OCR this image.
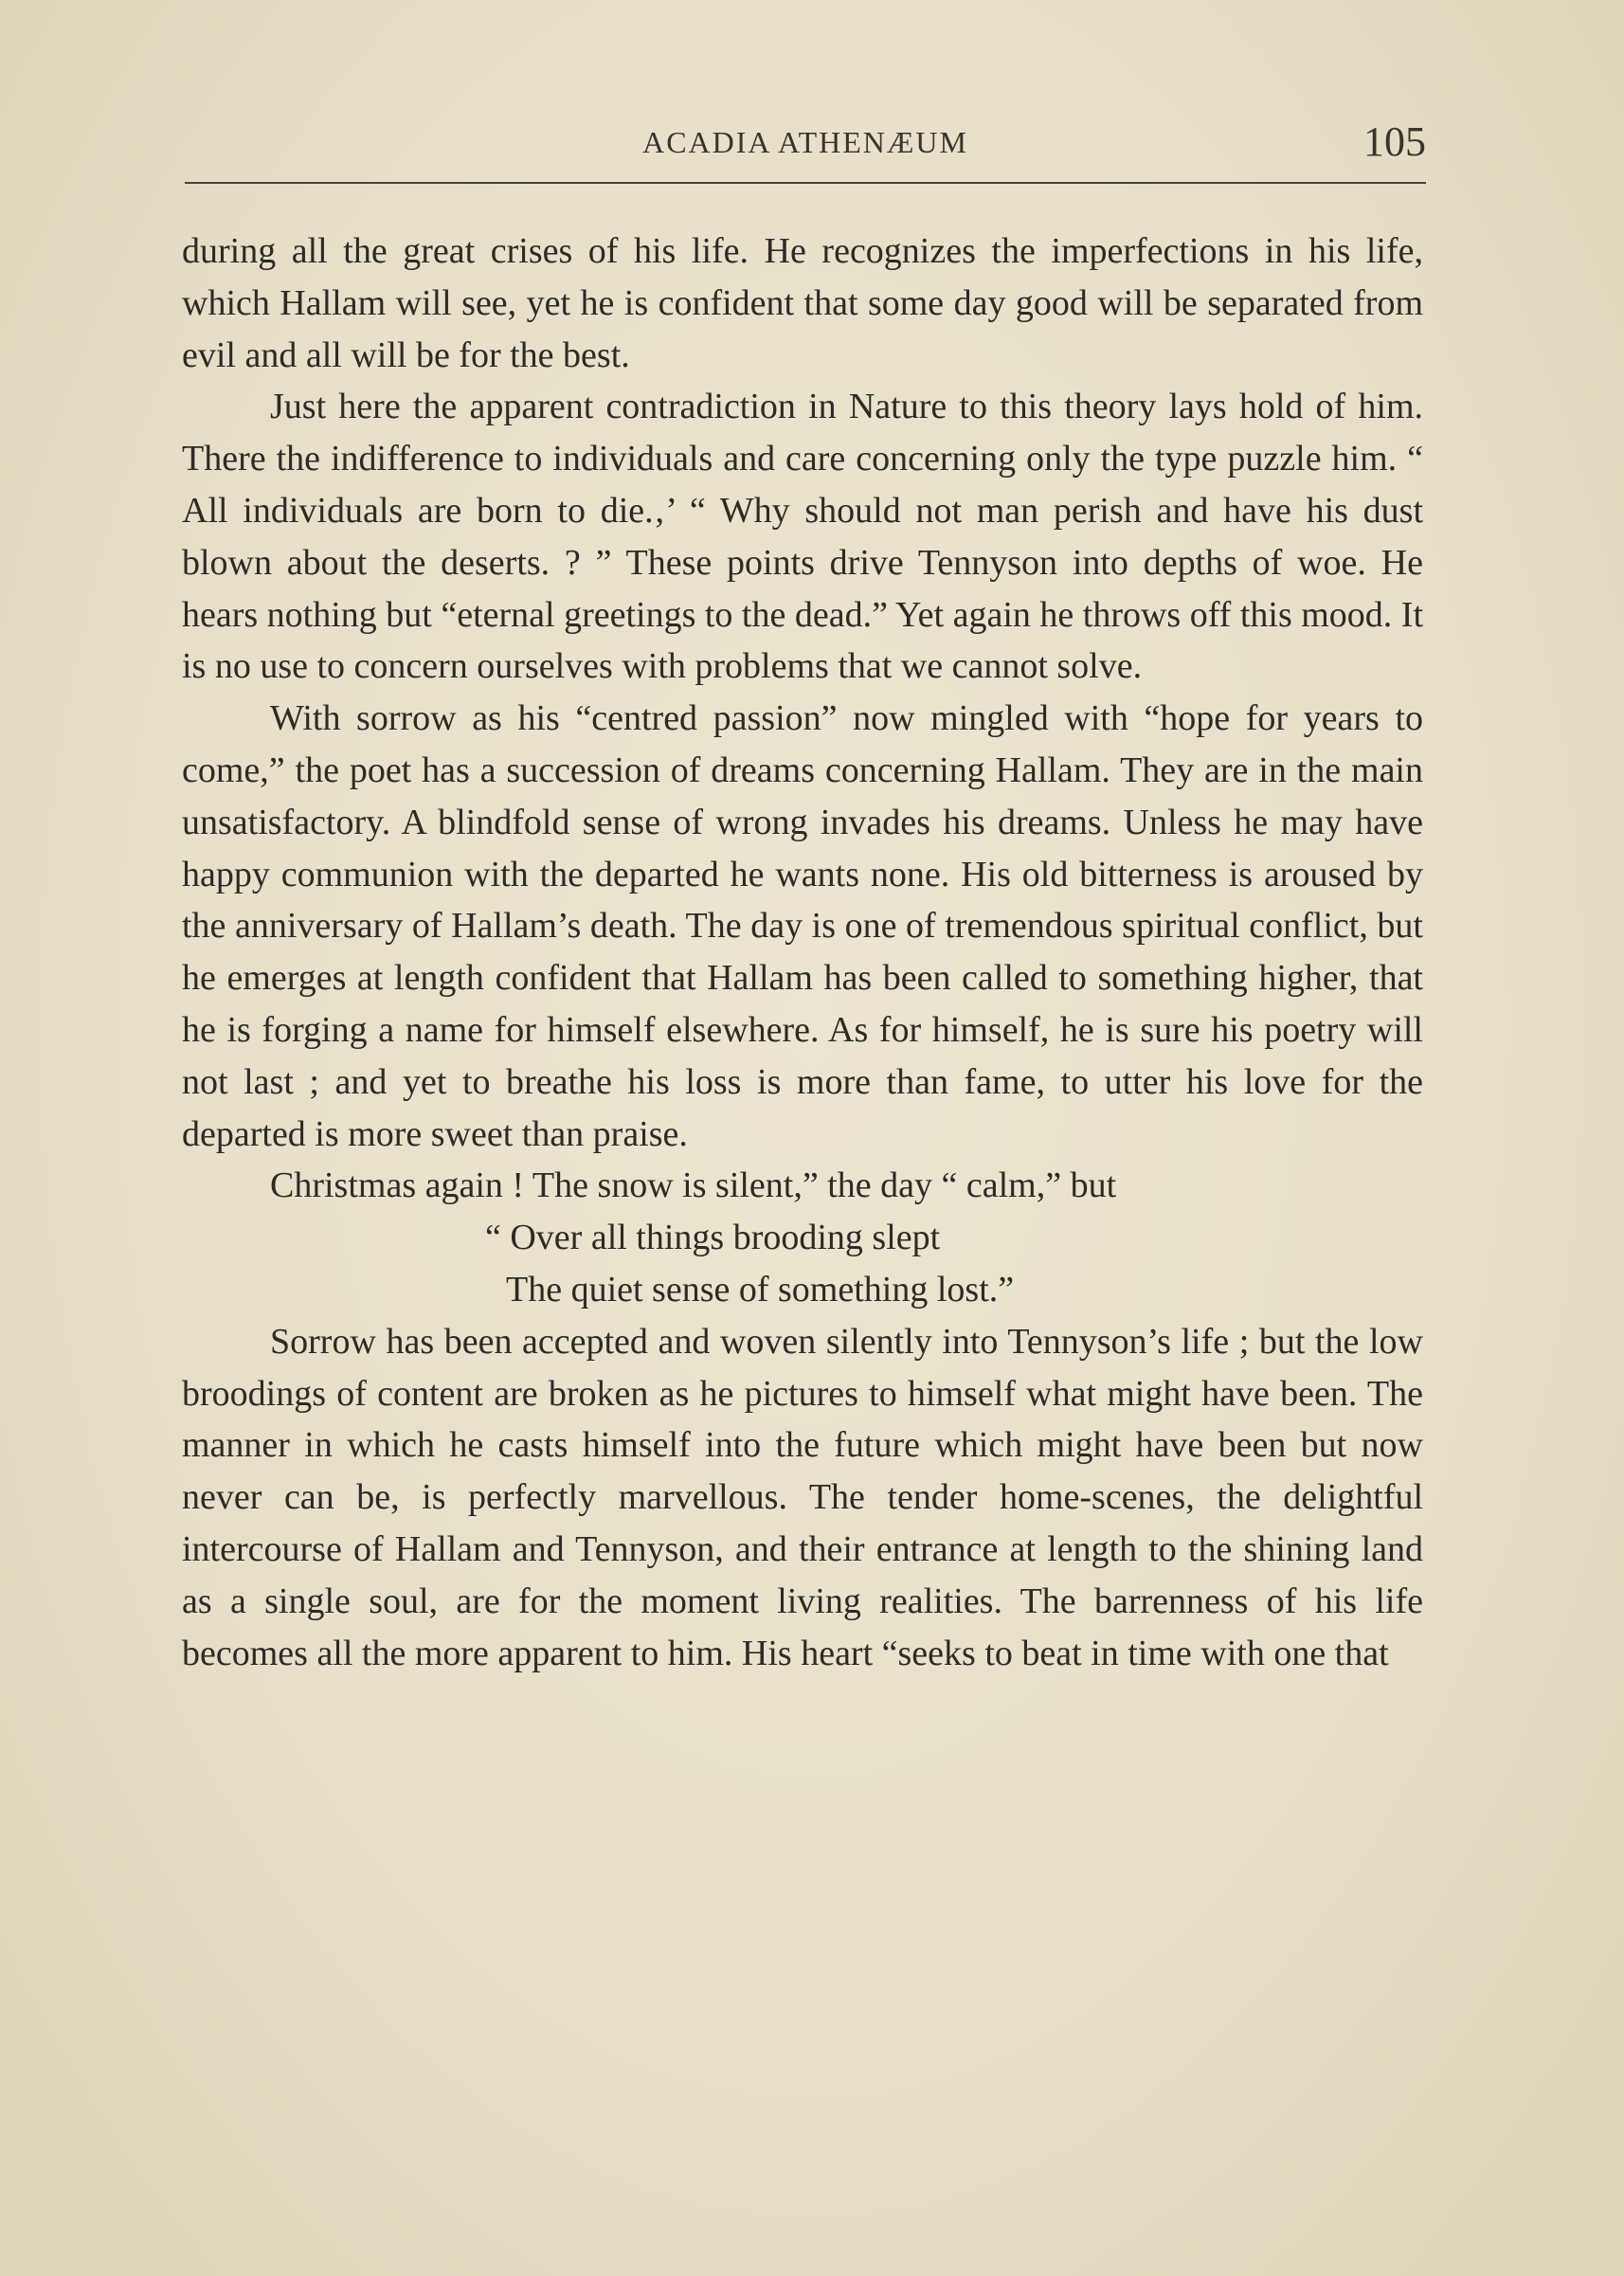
ACADIA ATHENÆUM	105

during all the great crises of his life. He recognizes the imperfections in his life, which Hallam will see, yet he is confident that some day good will be separated from evil and all will be for the best.

Just here the apparent contradiction in Nature to this theory lays hold of him. There the indifference to individuals and care concerning only the type puzzle him. “ All individuals are born to die.‚’ “ Why should not man perish and have his dust blown about the deserts. ? ” These points drive Tennyson into depths of woe. He hears nothing but “eternal greetings to the dead.” Yet again he throws off this mood. It is no use to concern ourselves with problems that we cannot solve.

With sorrow as his “centred passion” now mingled with “hope for years to come,” the poet has a succession of dreams concerning Hallam. They are in the main unsatisfactory. A blindfold sense of wrong invades his dreams. Unless he may have happy communion with the departed he wants none. His old bitterness is aroused by the anniversary of Hallam’s death. The day is one of tremendous spiritual conflict, but he emerges at length confident that Hallam has been called to something higher, that he is forging a name for himself elsewhere. As for himself, he is sure his poetry will not last ; and yet to breathe his loss is more than fame, to utter his love for the departed is more sweet than praise.

Christmas again ! The snow is silent,” the day “ calm,” but

“ Over all things brooding slept
The quiet sense of something lost.”

Sorrow has been accepted and woven silently into Tennyson’s life ; but the low broodings of content are broken as he pictures to himself what might have been. The manner in which he casts himself into the future which might have been but now never can be, is perfectly marvellous. The tender home-scenes, the delightful intercourse of Hallam and Tennyson, and their entrance at length to the shining land as a single soul, are for the moment living realities. The barrenness of his life becomes all the more apparent to him. His heart “seeks to beat in time with one that
